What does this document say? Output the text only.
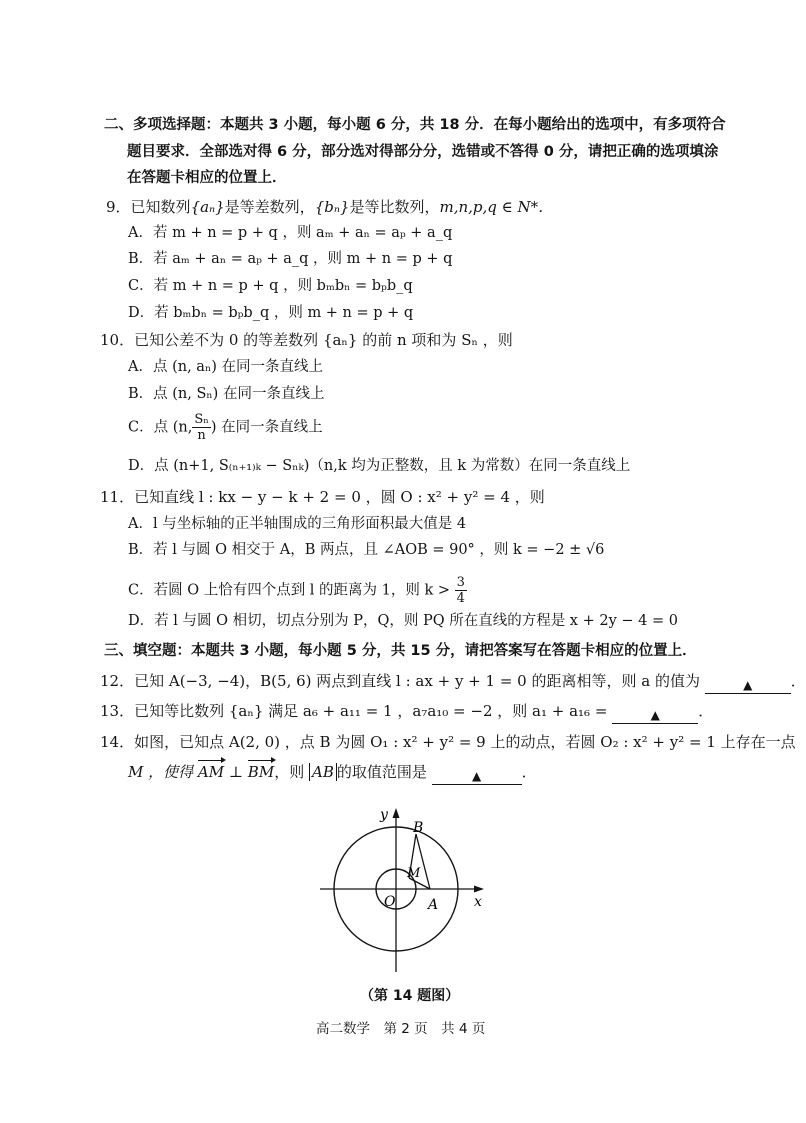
二、多项选择题：本题共 3 小题，每小题 6 分，共 18 分．在每小题给出的选项中，有多项符合
题目要求．全部选对得 6 分，部分选对得部分分，选错或不答得 0 分，请把正确的选项填涂
在答题卡相应的位置上．
9．已知数列{aₙ}是等差数列，{bₙ}是等比数列，m,n,p,q ∈ N*．
A．若 m + n = p + q ，则 aₘ + aₙ = aₚ + a_q
B．若 aₘ + aₙ = aₚ + a_q ，则 m + n = p + q
C．若 m + n = p + q ，则 bₘbₙ = bₚb_q
D．若 bₘbₙ = bₚb_q ，则 m + n = p + q
10．已知公差不为 0 的等差数列 {aₙ} 的前 n 项和为 Sₙ ，则
A．点 (n, aₙ) 在同一条直线上
B．点 (n, Sₙ) 在同一条直线上
C．点 (n, $\frac{\text{Sₙ}}{n}$ ) 在同一条直线上
D．点 (n+1, S₍ₙ₊₁₎ₖ − Sₙₖ)（n,k 均为正整数，且 k 为常数）在同一条直线上
11．已知直线 l : kx − y − k + 2 = 0 ，圆 O : x² + y² = 4 ，则
A．l 与坐标轴的正半轴围成的三角形面积最大值是 4
B．若 l 与圆 O 相交于 A，B 两点，且 ∠AOB = 90° ，则 k = −2 ± √6
C．若圆 O 上恰有四个点到 l 的距离为 1，则 $k > \frac{3}{4}$
D．若 l 与圆 O 相切，切点分别为 P，Q，则 PQ 所在直线的方程是 x + 2y − 4 = 0
三、填空题：本题共 3 小题，每小题 5 分，共 15 分，请把答案写在答题卡相应的位置上．
12．已知 A(−3, −4)，B(5, 6) 两点到直线 l : ax + y + 1 = 0 的距离相等，则 a 的值为	▲	．
13．已知等比数列 {aₙ} 满足 a₆ + a₁₁ = 1 ，a₇a₁₀ = −2 ，则 a₁ + a₁₆ =	▲	．
14．如图，已知点 A(2, 0) ，点 B 为圆 O₁ : x² + y² = 9 上的动点，若圆 O₂ : x² + y² = 1 上存在一点
M ，使得 AM ⊥ BM，则 AB 的取值范围是	▲	．
y
x
O A
B
M
（第 14 题图）
高二数学　第 2 页　共 4 页
